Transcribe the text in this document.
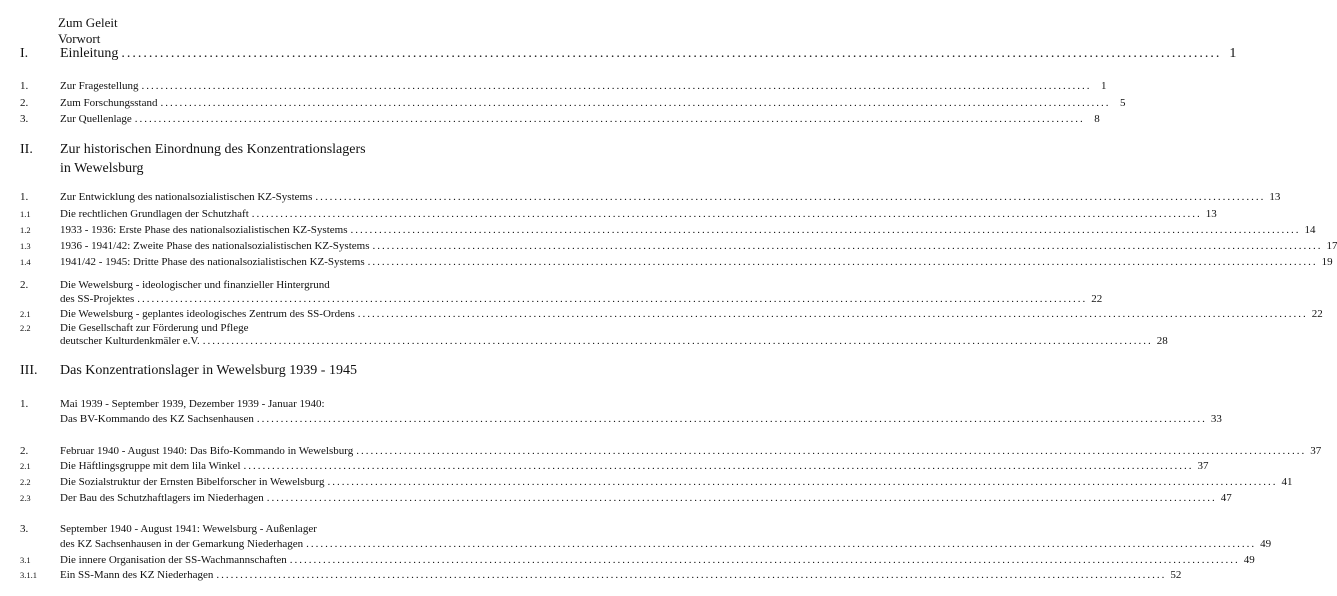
Zum Geleit
Vorwort
I. Einleitung ........................................................................................................................................................................................................ 1
1.	Zur Fragestellung ........................................................................................................................................................................................................ 1
2.	Zum Forschungsstand ........................................................................................................................................................................................................ 5
3.	Zur Quellenlage ........................................................................................................................................................................................................ 8
II. Zur historischen Einordnung des Konzentrationslagers
in Wewelsburg
1.	Zur Entwicklung des nationalsozialistischen KZ-Systems ........................................................................................................................................................................................................ 13
1.1	Die rechtlichen Grundlagen der Schutzhaft ........................................................................................................................................................................................................ 13
1.2	1933 - 1936: Erste Phase des nationalsozialistischen KZ-Systems ........................................................................................................................................................................................................ 14
1.3	1936 - 1941/42: Zweite Phase des nationalsozialistischen KZ-Systems ........................................................................................................................................................................................................ 17
1.4	1941/42 - 1945: Dritte Phase des nationalsozialistischen KZ-Systems ........................................................................................................................................................................................................ 19
2.	Die Wewelsburg - ideologischer und finanzieller Hintergrund
des SS-Projektes ........................................................................................................................................................................................................ 22
2.1	Die Wewelsburg - geplantes ideologisches Zentrum des SS-Ordens ........................................................................................................................................................................................................ 22
2.2	Die Gesellschaft zur Förderung und Pflege
deutscher Kulturdenkmäler e.V. ........................................................................................................................................................................................................ 28
III. Das Konzentrationslager in Wewelsburg 1939 - 1945
1.	Mai 1939 - September 1939, Dezember 1939 - Januar 1940:
Das BV-Kommando des KZ Sachsenhausen ........................................................................................................................................................................................................ 33
2.	Februar 1940 - August 1940: Das Bifo-Kommando in Wewelsburg ........................................................................................................................................................................................................ 37
2.1	Die Häftlingsgruppe mit dem lila Winkel ........................................................................................................................................................................................................ 37
2.2	Die Sozialstruktur der Ernsten Bibelforscher in Wewelsburg ........................................................................................................................................................................................................ 41
2.3	Der Bau des Schutzhaftlagers im Niederhagen ........................................................................................................................................................................................................ 47
3.	September 1940 - August 1941: Wewelsburg - Außenlager
des KZ Sachsenhausen in der Gemarkung Niederhagen ........................................................................................................................................................................................................ 49
3.1	Die innere Organisation der SS-Wachmannschaften ........................................................................................................................................................................................................ 49
3.1.1 Ein SS-Mann des KZ Niederhagen ........................................................................................................................................................................................................ 52
